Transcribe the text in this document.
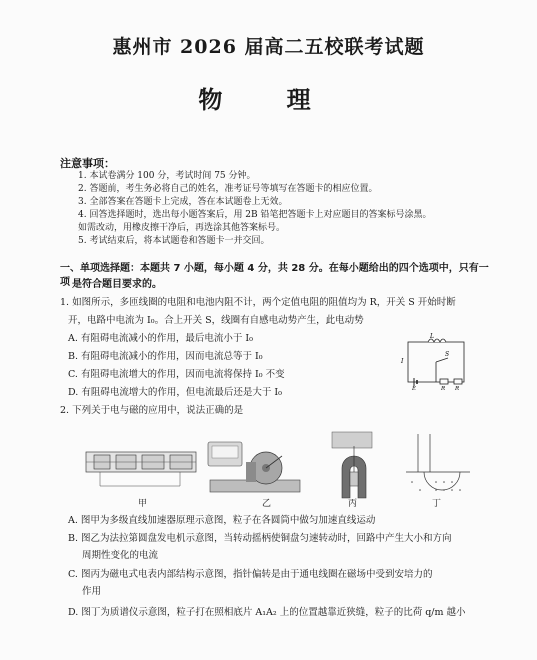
惠州市 2026 届高二五校联考试题
物 理
注意事项：
1. 本试卷满分 100 分，考试时间 75 分钟。
2. 答题前，考生务必将自己的姓名，准考证号等填写在答题卡的相应位置。
3. 全部答案在答题卡上完成，答在本试题卷上无效。
4. 回答选择题时，选出每小题答案后，用 2B 铅笔把答题卡上对应题目的答案标号涂黑。
如需改动，用橡皮擦干净后，再选涂其他答案标号。
5. 考试结束后，将本试题卷和答题卡一并交回。
一、单项选择题：本题共 7 小题，每小题 4 分，共 28 分。在每小题给出的四个选项中，只有一项 是符合题目要求的。
1. 如图所示，多匝线圈的电阻和电池内阻不计，两个定值电阻的阻值均为 R，开关 S 开始时断
开，电路中电流为 I₀。合上开关 S，线圈有自感电动势产生，此电动势
A. 有阻碍电流减小的作用，最后电流小于 I₀
B. 有阻碍电流减小的作用，因而电流总等于 I₀
C. 有阻碍电流增大的作用，因而电流将保持 I₀ 不变
D. 有阻碍电流增大的作用，但电流最后还是大于 I₀
L
S
I
E	R R
2. 下列关于电与磁的应用中，说法正确的是
甲	乙	丙	丁
A. 图甲为多级直线加速器原理示意图，粒子在各圆筒中做匀加速直线运动
B. 图乙为法拉第圆盘发电机示意图，当转动摇柄使铜盘匀速转动时，回路中产生大小和方向
周期性变化的电流
C. 图丙为磁电式电表内部结构示意图，指针偏转是由于通电线圈在磁场中受到安培力的
作用
D. 图丁为质谱仪示意图，粒子打在照相底片 A₁A₂ 上的位置越靠近狭缝，粒子的比荷 q/m 越小
